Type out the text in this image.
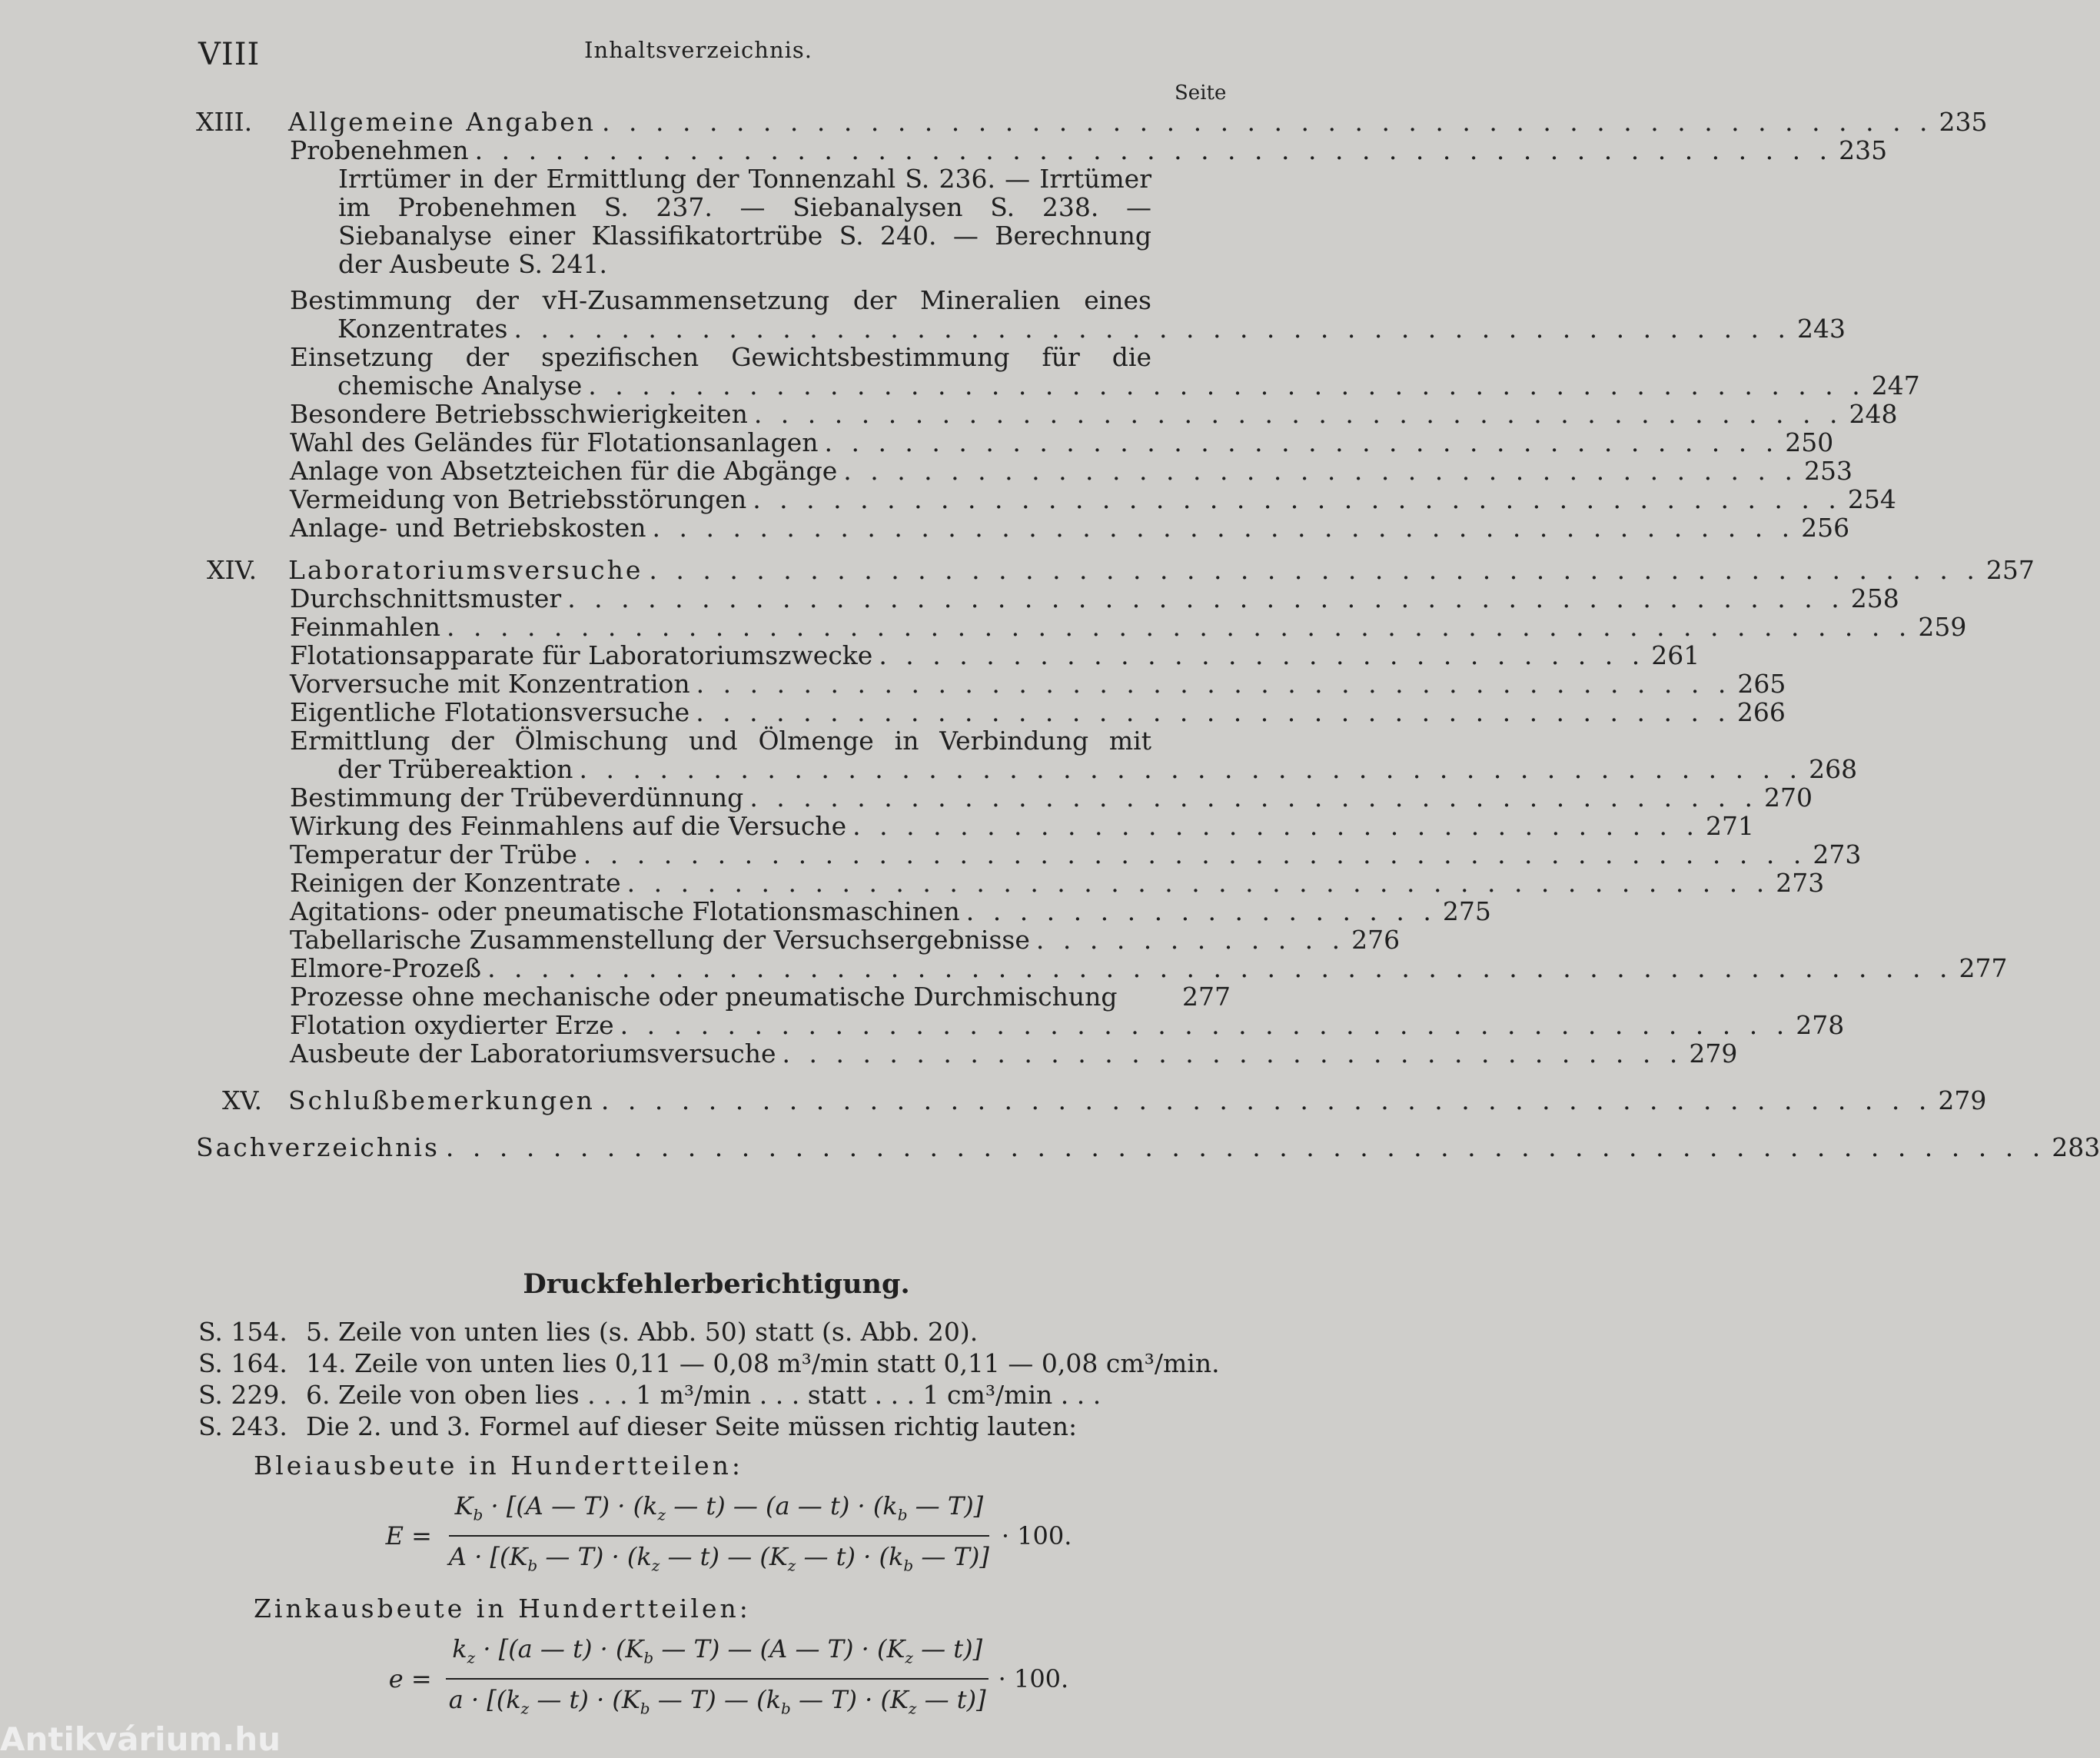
VIII	Inhaltsverzeichnis.
Seite
XIII.	Allgemeine Angaben . . . . . . . . . . . . . . . . . . . . . . . . . . . . . . . . . . . . . . . . . . . . . . . . . . 235
Probenehmen . . . . . . . . . . . . . . . . . . . . . . . . . . . . . . . . . . . . . . . . . . . . . . . . . . . 235
Irrtümer in der Ermittlung der Tonnenzahl S. 236. — Irrtümer im Probenehmen S. 237. — Siebanalysen S. 238. — Siebanalyse einer Klassifikatortrübe S. 240. — Berechnung der Ausbeute S. 241.
Bestimmung der vH-Zusammensetzung der Mineralien eines
Konzentrates . . . . . . . . . . . . . . . . . . . . . . . . . . . . . . . . . . . . . . . . . . . . . . . . 243
Einsetzung der spezifischen Gewichtsbestimmung für die
chemische Analyse . . . . . . . . . . . . . . . . . . . . . . . . . . . . . . . . . . . . . . . . . . . . . . . . 247
Besondere Betriebsschwierigkeiten . . . . . . . . . . . . . . . . . . . . . . . . . . . . . . . . . . . . . . . . . 248
Wahl des Geländes für Flotationsanlagen . . . . . . . . . . . . . . . . . . . . . . . . . . . . . . . . . . . . 250
Anlage von Absetzteichen für die Abgänge . . . . . . . . . . . . . . . . . . . . . . . . . . . . . . . . . . . . 253
Vermeidung von Betriebsstörungen . . . . . . . . . . . . . . . . . . . . . . . . . . . . . . . . . . . . . . . . . 254
Anlage- und Betriebskosten . . . . . . . . . . . . . . . . . . . . . . . . . . . . . . . . . . . . . . . . . . . 256
XIV.	Laboratoriumsversuche . . . . . . . . . . . . . . . . . . . . . . . . . . . . . . . . . . . . . . . . . . . . . . . . . . 257
Durchschnittsmuster . . . . . . . . . . . . . . . . . . . . . . . . . . . . . . . . . . . . . . . . . . . . . . . . 258
Feinmahlen . . . . . . . . . . . . . . . . . . . . . . . . . . . . . . . . . . . . . . . . . . . . . . . . . . . . . . . 259
Flotationsapparate für Laboratoriumszwecke . . . . . . . . . . . . . . . . . . . . . . . . . . . . . 261
Vorversuche mit Konzentration . . . . . . . . . . . . . . . . . . . . . . . . . . . . . . . . . . . . . . . 265
Eigentliche Flotationsversuche . . . . . . . . . . . . . . . . . . . . . . . . . . . . . . . . . . . . . . . 266
Ermittlung der Ölmischung und Ölmenge in Verbindung mit
der Trübereaktion . . . . . . . . . . . . . . . . . . . . . . . . . . . . . . . . . . . . . . . . . . . . . . 268
Bestimmung der Trübeverdünnung . . . . . . . . . . . . . . . . . . . . . . . . . . . . . . . . . . . . . . 270
Wirkung des Feinmahlens auf die Versuche . . . . . . . . . . . . . . . . . . . . . . . . . . . . . . . . 271
Temperatur der Trübe . . . . . . . . . . . . . . . . . . . . . . . . . . . . . . . . . . . . . . . . . . . . . . 273
Reinigen der Konzentrate . . . . . . . . . . . . . . . . . . . . . . . . . . . . . . . . . . . . . . . . . . . 273
Agitations- oder pneumatische Flotationsmaschinen . . . . . . . . . . . . . . . . . . 275
Tabellarische Zusammenstellung der Versuchsergebnisse . . . . . . . . . . . . 276
Elmore-Prozeß . . . . . . . . . . . . . . . . . . . . . . . . . . . . . . . . . . . . . . . . . . . . . . . . . . . . . . . 277
Prozesse ohne mechanische oder pneumatische Durchmischung	277
Flotation oxydierter Erze . . . . . . . . . . . . . . . . . . . . . . . . . . . . . . . . . . . . . . . . . . . . 278
Ausbeute der Laboratoriumsversuche . . . . . . . . . . . . . . . . . . . . . . . . . . . . . . . . . . 279
XV.	Schlußbemerkungen . . . . . . . . . . . . . . . . . . . . . . . . . . . . . . . . . . . . . . . . . . . . . . . . . . 279
Sachverzeichnis . . . . . . . . . . . . . . . . . . . . . . . . . . . . . . . . . . . . . . . . . . . . . . . . . . . . . . . . . . . . 283
Druckfehlerberichtigung.
S. 154. 5. Zeile von unten lies (s. Abb. 50) statt (s. Abb. 20).
S. 164. 14. Zeile von unten lies 0,11 — 0,08 m³/min statt 0,11 — 0,08 cm³/min.
S. 229. 6. Zeile von oben lies . . . 1 m³/min . . . statt . . . 1 cm³/min . . .
S. 243. Die 2. und 3. Formel auf dieser Seite müssen richtig lauten:
Bleiausbeute in Hundertteilen:
$E = \frac{K_b \cdot [(A — T) \cdot (k_z — t) — (a — t) \cdot (k_b — T)]}{A \cdot [(K_b — T) \cdot (k_z — t) — (K_z — t) \cdot (k_b — T)]} \cdot 100$.
Zinkausbeute in Hundertteilen:
$e = \frac{k_z \cdot [(a — t) \cdot (K_b — T) — (A — T) \cdot (K_z — t)]}{a \cdot [(k_z — t) \cdot (K_b — T) — (k_b — T) \cdot (K_z — t)]} \cdot 100$.
Antikvárium.hu
